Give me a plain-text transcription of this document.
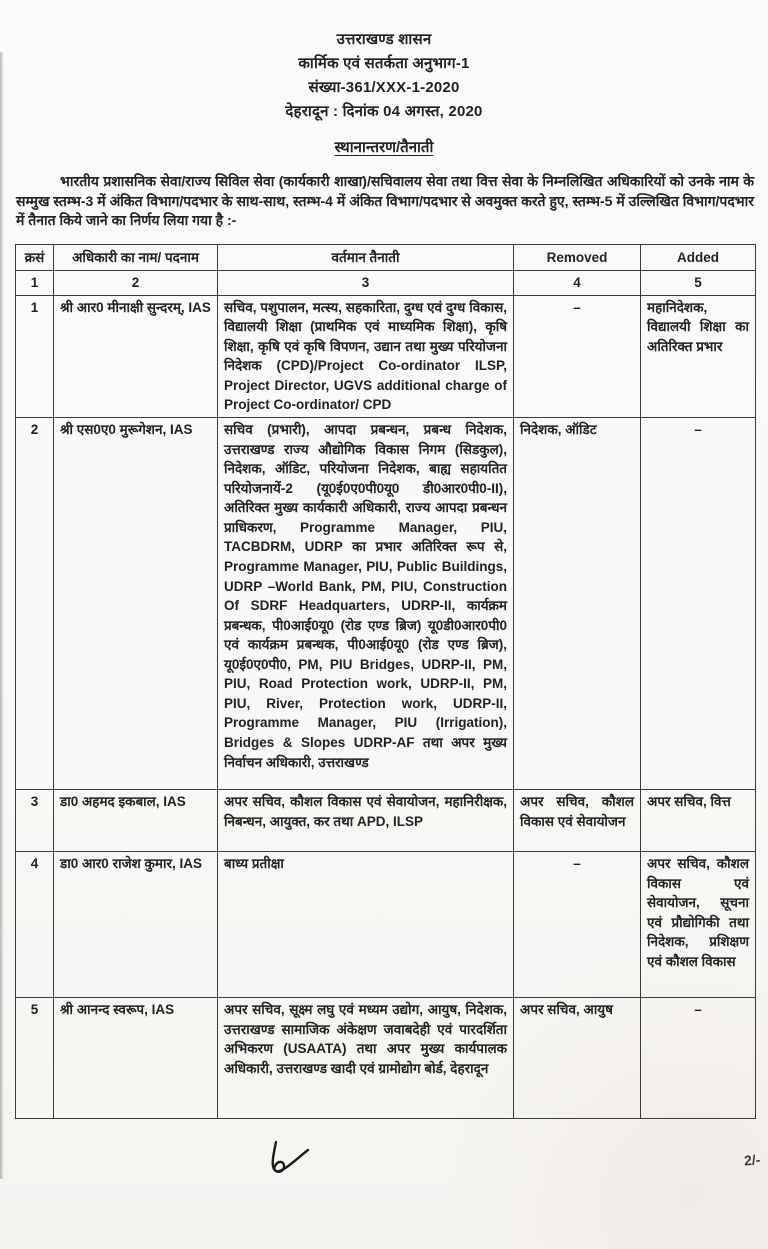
उत्तराखण्ड शासन
कार्मिक एवं सतर्कता अनुभाग-1
संख्या-361/XXX-1-2020
देहरादून : दिनांक 04 अगस्त, 2020
स्थानान्तरण/तैनाती

भारतीय प्रशासनिक सेवा/राज्य सिविल सेवा (कार्यकारी शाखा)/सचिवालय सेवा तथा वित्त सेवा के निम्नलिखित अधिकारियों को उनके नाम के सम्मुख स्तम्भ-3 में अंकित विभाग/पदभार के साथ-साथ, स्तम्भ-4 में अंकित विभाग/पदभार से अवमुक्त करते हुए, स्तम्भ-5 में उल्लिखित विभाग/पदभार में तैनात किये जाने का निर्णय लिया गया है :-

क्रसं	अधिकारी का नाम/ पदनाम	वर्तमान तैनाती	Removed	Added
1	2	3	4	5
1	श्री आर0 मीनाक्षी सुन्दरम्, IAS	सचिव, पशुपालन, मत्स्य, सहकारिता, दुग्ध एवं दुग्ध विकास, विद्यालयी शिक्षा (प्राथमिक एवं माध्यमिक शिक्षा), कृषि शिक्षा, कृषि एवं कृषि विपणन, उद्यान तथा मुख्य परियोजना निदेशक (CPD)/Project Co-ordinator ILSP, Project Director, UGVS additional charge of Project Co-ordinator/ CPD	–	महानिदेशक, विद्यालयी शिक्षा का अतिरिक्त प्रभार
2	श्री एस0ए0 मुरूगेशन, IAS	सचिव (प्रभारी), आपदा प्रबन्धन, प्रबन्ध निदेशक, उत्तराखण्ड राज्य औद्योगिक विकास निगम (सिडकुल), निदेशक, ऑडिट, परियोजना निदेशक, बाह्य सहायतित परियोजनायें-2 (यू0ई0ए0पी0यू0 डी0आर0पी0-II), अतिरिक्त मुख्य कार्यकारी अधिकारी, राज्य आपदा प्रबन्धन प्राधिकरण, Programme Manager, PIU, TACBDRM, UDRP का प्रभार अतिरिक्त रूप से, Programme Manager, PIU, Public Buildings, UDRP –World Bank, PM, PIU, Construction Of SDRF Headquarters, UDRP-II, कार्यक्रम प्रबन्धक, पी0आई0यू0 (रोड एण्ड ब्रिज) यू0डी0आर0पी0 एवं कार्यक्रम प्रबन्धक, पी0आई0यू0 (रोड एण्ड ब्रिज), यू0ई0ए0पी0, PM, PIU Bridges, UDRP-II, PM, PIU, Road Protection work, UDRP-II, PM, PIU, River, Protection work, UDRP-II, Programme Manager, PIU (Irrigation), Bridges & Slopes UDRP-AF तथा अपर मुख्य निर्वाचन अधिकारी, उत्तराखण्ड	निदेशक, ऑडिट	–
3	डा0 अहमद इकबाल, IAS	अपर सचिव, कौशल विकास एवं सेवायोजन, महानिरीक्षक, निबन्धन, आयुक्त, कर तथा APD, ILSP	अपर सचिव, कौशल विकास एवं सेवायोजन	अपर सचिव, वित्त
4	डा0 आर0 राजेश कुमार, IAS	बाध्य प्रतीक्षा	–	अपर सचिव, कौशल विकास एवं सेवायोजन, सूचना एवं प्रौद्योगिकी तथा निदेशक, प्रशिक्षण एवं कौशल विकास
5	श्री आनन्द स्वरूप, IAS	अपर सचिव, सूक्ष्म लघु एवं मध्यम उद्योग, आयुष, निदेशक, उत्तराखण्ड सामाजिक अंकेक्षण जवाबदेही एवं पारदर्शिता अभिकरण (USAATA) तथा अपर मुख्य कार्यपालक अधिकारी, उत्तराखण्ड खादी एवं ग्रामोद्योग बोर्ड, देहरादून	अपर सचिव, आयुष	–
2/-
